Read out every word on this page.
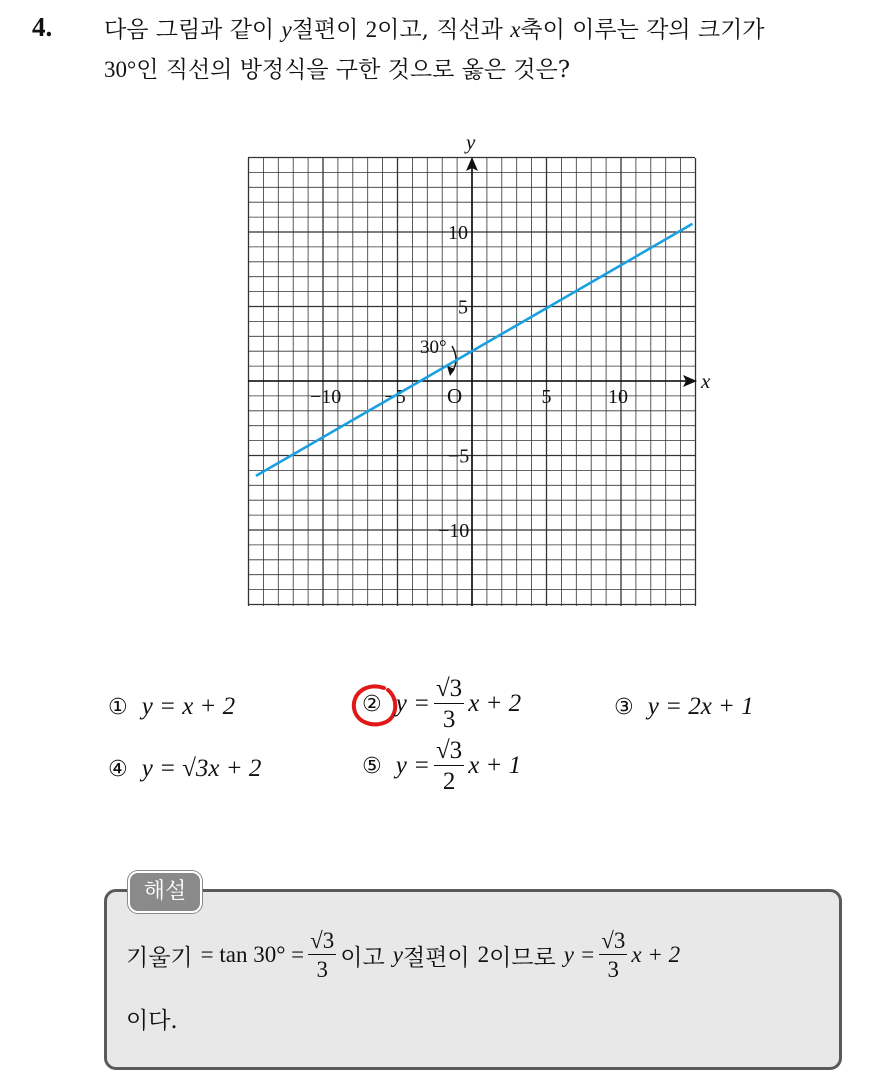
4. 다음 그림과 같이 y절편이 2이고, 직선과 x축이 이루는 각의 크기가
30°인 직선의 방정식을 구한 것으로 옳은 것은?
−10 −5	5	10
10
5
−5
−10
x
y
O
30°
① y = x + 2	② $y = \frac{√3}{3}$ x + 2	③ y = 2x + 1
④ y = √3x + 2	⑤ $y = \frac{√3}{2}$ x + 1
해설
기울기 = $\tan 30^\circ = \frac{√3}{3}$ 이고 y 절편이 2 이므로 $y = \frac{√3}{3}$ x + 2
이다.
